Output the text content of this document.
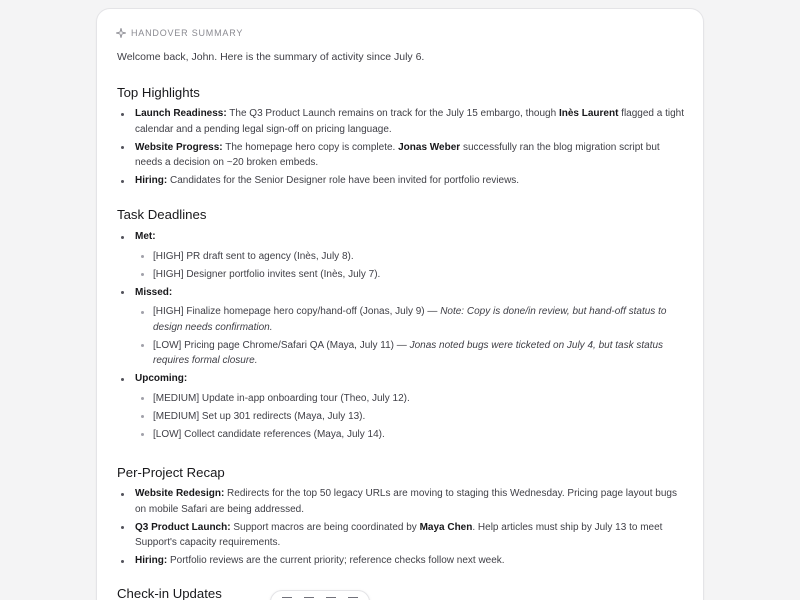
HANDOVER SUMMARY

Welcome back, John. Here is the summary of activity since July 6.

Top Highlights
Launch Readiness: The Q3 Product Launch remains on track for the July 15 embargo, though Inès Laurent flagged a tight calendar and a pending legal sign-off on pricing language.
Website Progress: The homepage hero copy is complete. Jonas Weber successfully ran the blog migration script but needs a decision on ~20 broken embeds.
Hiring: Candidates for the Senior Designer role have been invited for portfolio reviews.
Task Deadlines
Met:
[HIGH] PR draft sent to agency (Inès, July 8).
[HIGH] Designer portfolio invites sent (Inès, July 7).
Missed:
[HIGH] Finalize homepage hero copy/hand-off (Jonas, July 9) — Note: Copy is done/in review, but hand-off status to design needs confirmation.
[LOW] Pricing page Chrome/Safari QA (Maya, July 11) — Jonas noted bugs were ticketed on July 4, but task status requires formal closure.
Upcoming:
[MEDIUM] Update in-app onboarding tour (Theo, July 12).
[MEDIUM] Set up 301 redirects (Maya, July 13).
[LOW] Collect candidate references (Maya, July 14).
Per-Project Recap
Website Redesign: Redirects for the top 50 legacy URLs are moving to staging this Wednesday. Pricing page layout bugs on mobile Safari are being addressed.
Q3 Product Launch: Support macros are being coordinated by Maya Chen. Help articles must ship by July 13 to meet Support's capacity requirements.
Hiring: Portfolio reviews are the current priority; reference checks follow next week.
Check-in Updates
